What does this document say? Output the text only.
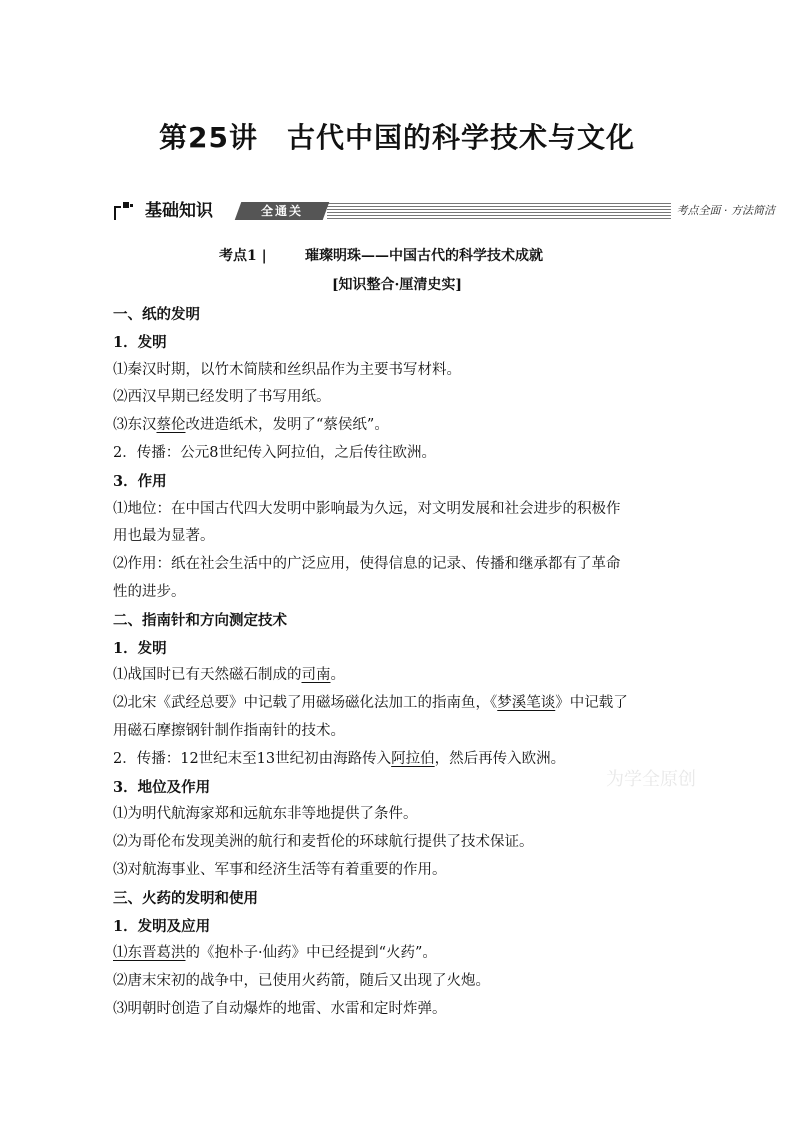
第25讲　古代中国的科学技术与文化
基础知识	全通关	考点全面 · 方法简洁
考点1 |	璀璨明珠——中国古代的科学技术成就
[知识整合·厘清史实]
一、纸的发明
1．发明
⑴秦汉时期，以竹木简牍和丝织品作为主要书写材料。
⑵西汉早期已经发明了书写用纸。
⑶东汉蔡伦改进造纸术，发明了“蔡侯纸”。
2．传播：公元8世纪传入阿拉伯，之后传往欧洲。
3．作用
⑴地位：在中国古代四大发明中影响最为久远，对文明发展和社会进步的积极作
用也最为显著。
⑵作用：纸在社会生活中的广泛应用，使得信息的记录、传播和继承都有了革命
性的进步。
二、指南针和方向测定技术
1．发明
⑴战国时已有天然磁石制成的司南。
⑵北宋《武经总要》中记载了用磁场磁化法加工的指南鱼，《梦溪笔谈》中记载了
用磁石摩擦钢针制作指南针的技术。
2．传播：12世纪末至13世纪初由海路传入阿拉伯，然后再传入欧洲。
3．地位及作用
⑴为明代航海家郑和远航东非等地提供了条件。
⑵为哥伦布发现美洲的航行和麦哲伦的环球航行提供了技术保证。
⑶对航海事业、军事和经济生活等有着重要的作用。
三、火药的发明和使用
1．发明及应用
⑴东晋葛洪的《抱朴子·仙药》中已经提到“火药”。
⑵唐末宋初的战争中，已使用火药箭，随后又出现了火炮。
⑶明朝时创造了自动爆炸的地雷、水雷和定时炸弹。
为学全原创
